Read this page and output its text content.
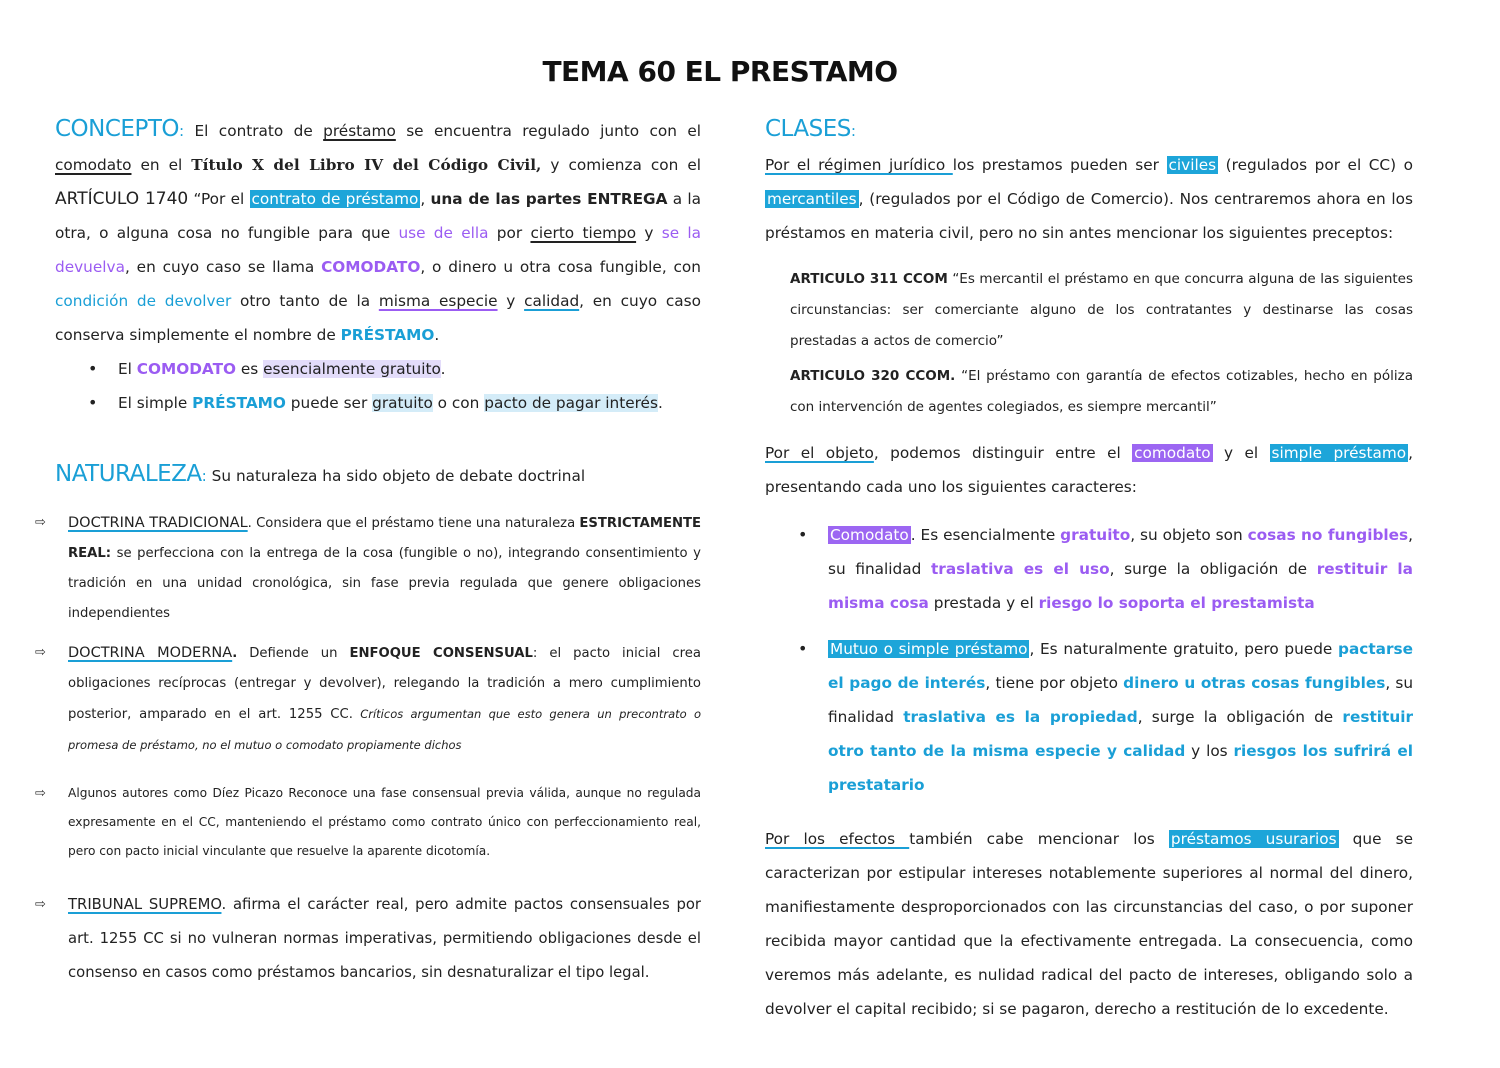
TEMA 60 EL PRESTAMO

CONCEPTO: El contrato de préstamo se encuentra regulado junto con el comodato en el Título X del Libro IV del Código Civil, y comienza con el ARTÍCULO 1740 “Por el contrato de préstamo , una de las partes ENTREGA a la otra, o alguna cosa no fungible para que use de ella por cierto tiempo y se la devuelva, en cuyo caso se llama COMODATO, o dinero u otra cosa fungible, con condición de devolver otro tanto de la misma especie y calidad, en cuyo caso conserva simplemente el nombre de PRÉSTAMO.

• El COMODATO es esencialmente gratuito.
• El simple PRÉSTAMO puede ser gratuito o con pacto de pagar interés.

NATURALEZA: Su naturaleza ha sido objeto de debate doctrinal

⇨ DOCTRINA TRADICIONAL. Considera que el préstamo tiene una naturaleza ESTRICTAMENTE REAL: se perfecciona con la entrega de la cosa (fungible o no), integrando consentimiento y tradición en una unidad cronológica, sin fase previa regulada que genere obligaciones independientes

⇨ DOCTRINA MODERNA. Defiende un ENFOQUE CONSENSUAL: el pacto inicial crea obligaciones recíprocas (entregar y devolver), relegando la tradición a mero cumplimiento posterior, amparado en el art. 1255 CC. Críticos argumentan que esto genera un precontrato o promesa de préstamo, no el mutuo o comodato propiamente dichos

⇨ Algunos autores como Díez Picazo Reconoce una fase consensual previa válida, aunque no regulada expresamente en el CC, manteniendo el préstamo como contrato único con perfeccionamiento real, pero con pacto inicial vinculante que resuelve la aparente dicotomía.

⇨ TRIBUNAL SUPREMO. afirma el carácter real, pero admite pactos consensuales por art. 1255 CC si no vulneran normas imperativas, permitiendo obligaciones desde el consenso en casos como préstamos bancarios, sin desnaturalizar el tipo legal.

CLASES:

Por el régimen jurídico los prestamos pueden ser civiles (regulados por el CC) o mercantiles , (regulados por el Código de Comercio). Nos centraremos ahora en los préstamos en materia civil, pero no sin antes mencionar los siguientes preceptos:

ARTICULO 311 CCOM “Es mercantil el préstamo en que concurra alguna de las siguientes circunstancias: ser comerciante alguno de los contratantes y destinarse las cosas prestadas a actos de comercio”

ARTICULO 320 CCOM. “El préstamo con garantía de efectos cotizables, hecho en póliza con intervención de agentes colegiados, es siempre mercantil”

Por el objeto, podemos distinguir entre el comodato y el simple préstamo , presentando cada uno los siguientes caracteres:

• Comodato . Es esencialmente gratuito, su objeto son cosas no fungibles, su finalidad traslativa es el uso, surge la obligación de restituir la misma cosa prestada y el riesgo lo soporta el prestamista
• Mutuo o simple préstamo , Es naturalmente gratuito, pero puede pactarse el pago de interés, tiene por objeto dinero u otras cosas fungibles, su finalidad traslativa es la propiedad, surge la obligación de restituir otro tanto de la misma especie y calidad y los riesgos los sufrirá el prestatario

Por los efectos también cabe mencionar los préstamos usurarios que se caracterizan por estipular intereses notablemente superiores al normal del dinero, manifiestamente desproporcionados con las circunstancias del caso, o por suponer recibida mayor cantidad que la efectivamente entregada. La consecuencia, como veremos más adelante, es nulidad radical del pacto de intereses, obligando solo a devolver el capital recibido; si se pagaron, derecho a restitución de lo excedente.
